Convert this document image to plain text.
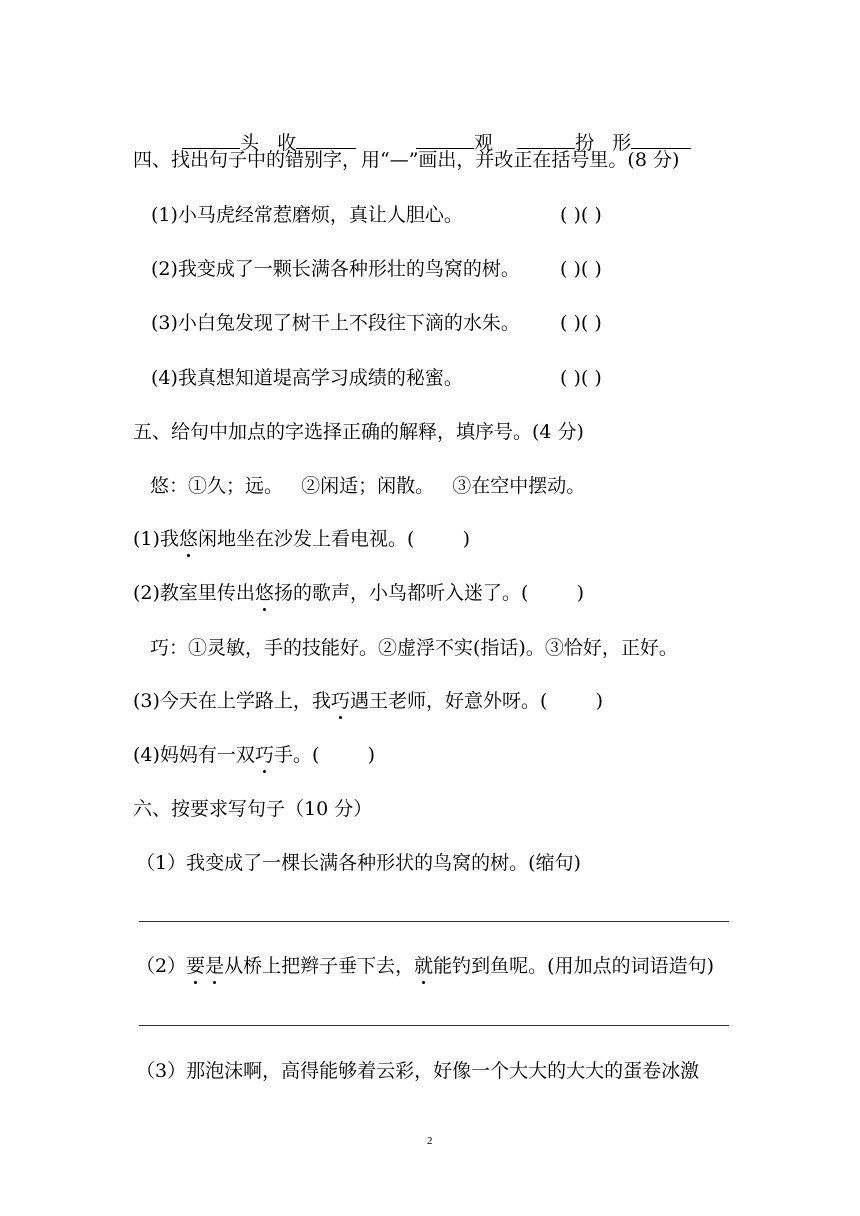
头 收	观	扮 形

四、找出句子中的错别字，用“—”画出，并改正在括号里。(8 分)

(1)小马虎经常惹磨烦，真让人胆心。	( )( )

(2)我变成了一颗长满各种形壮的鸟窝的树。 ( )( )

(3)小白兔发现了树干上不段往下滴的水朱。 ( )( )

(4)我真想知道堤高学习成绩的秘蜜。	( )( )

五、给句中加点的字选择正确的解释，填序号。(4 分)

悠：①久；远。   ②闲适；闲散。   ③在空中摆动。

(1)我悠闲地坐在沙发上看电视。(        )

(2)教室里传出悠扬的歌声，小鸟都听入迷了。(        )

巧：①灵敏，手的技能好。②虚浮不实(指话)。③恰好，正好。

(3)今天在上学路上，我巧遇王老师，好意外呀。(        )

(4)妈妈有一双巧手。(        )

六、按要求写句子（10 分）

（1）我变成了一棵长满各种形状的鸟窝的树。(缩句)

（2）要是从桥上把辫子垂下去，就能钓到鱼呢。(用加点的词语造句)

（3）那泡沫啊，高得能够着云彩，好像一个大大的大大的蛋卷冰激

2
